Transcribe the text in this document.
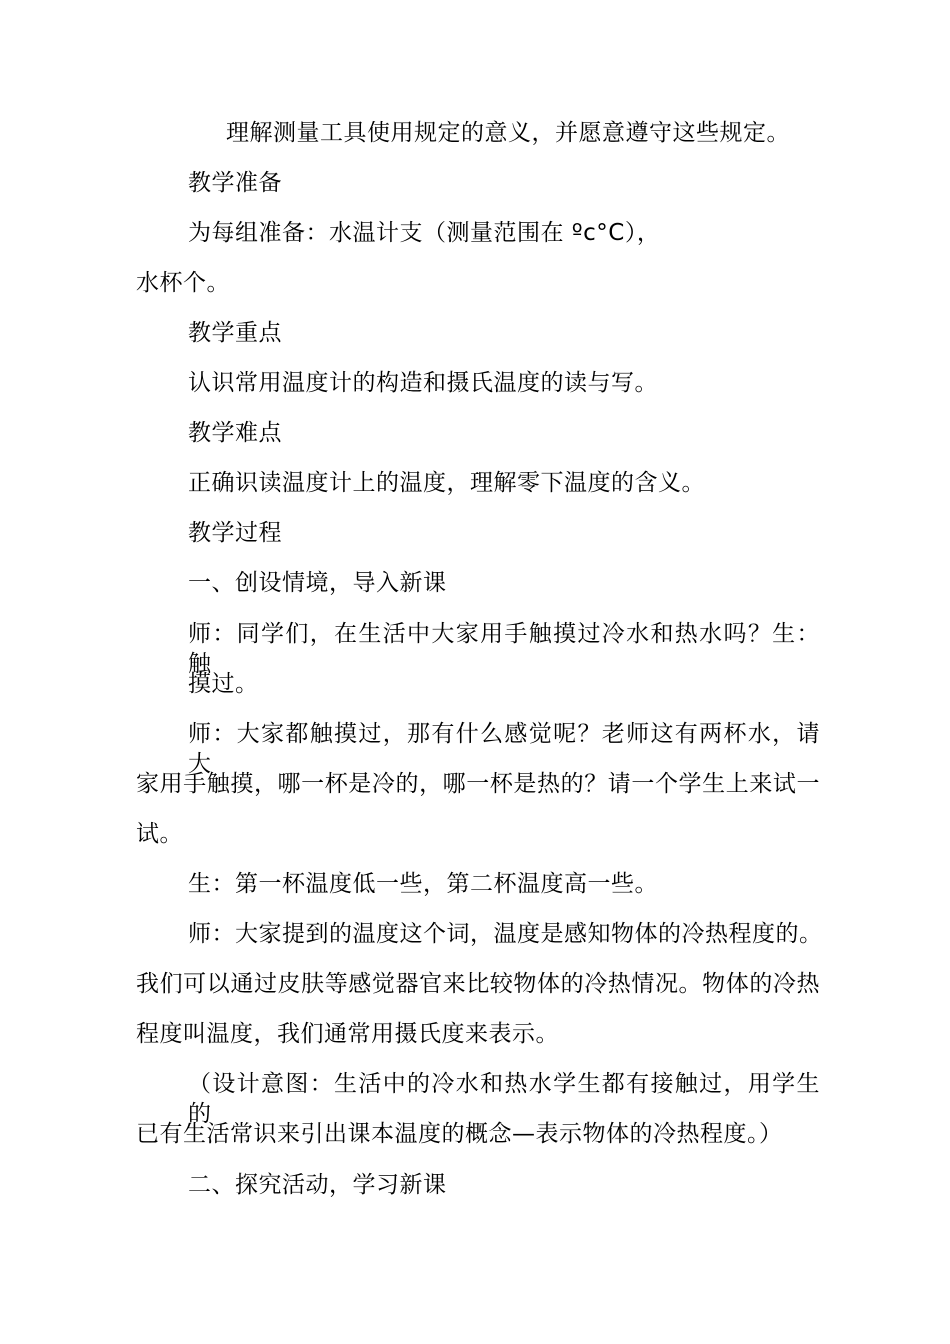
理解测量工具使用规定的意义，并愿意遵守这些规定。
教学准备
为每组准备：水温计支（测量范围在 ºc°C），
水杯个。
教学重点
认识常用温度计的构造和摄氏温度的读与写。
教学难点
正确识读温度计上的温度，理解零下温度的含义。
教学过程
一、创设情境，导入新课
师：同学们，在生活中大家用手触摸过冷水和热水吗？生：触
摸过。
师：大家都触摸过，那有什么感觉呢？老师这有两杯水，请大
家用手触摸，哪一杯是冷的，哪一杯是热的？请一个学生上来试一
试。
生：第一杯温度低一些，第二杯温度高一些。
师：大家提到的温度这个词，温度是感知物体的冷热程度的。
我们可以通过皮肤等感觉器官来比较物体的冷热情况。物体的冷热
程度叫温度，我们通常用摄氏度来表示。
（设计意图：生活中的冷水和热水学生都有接触过，用学生的
已有生活常识来引出课本温度的概念—表示物体的冷热程度。）
二、探究活动，学习新课
